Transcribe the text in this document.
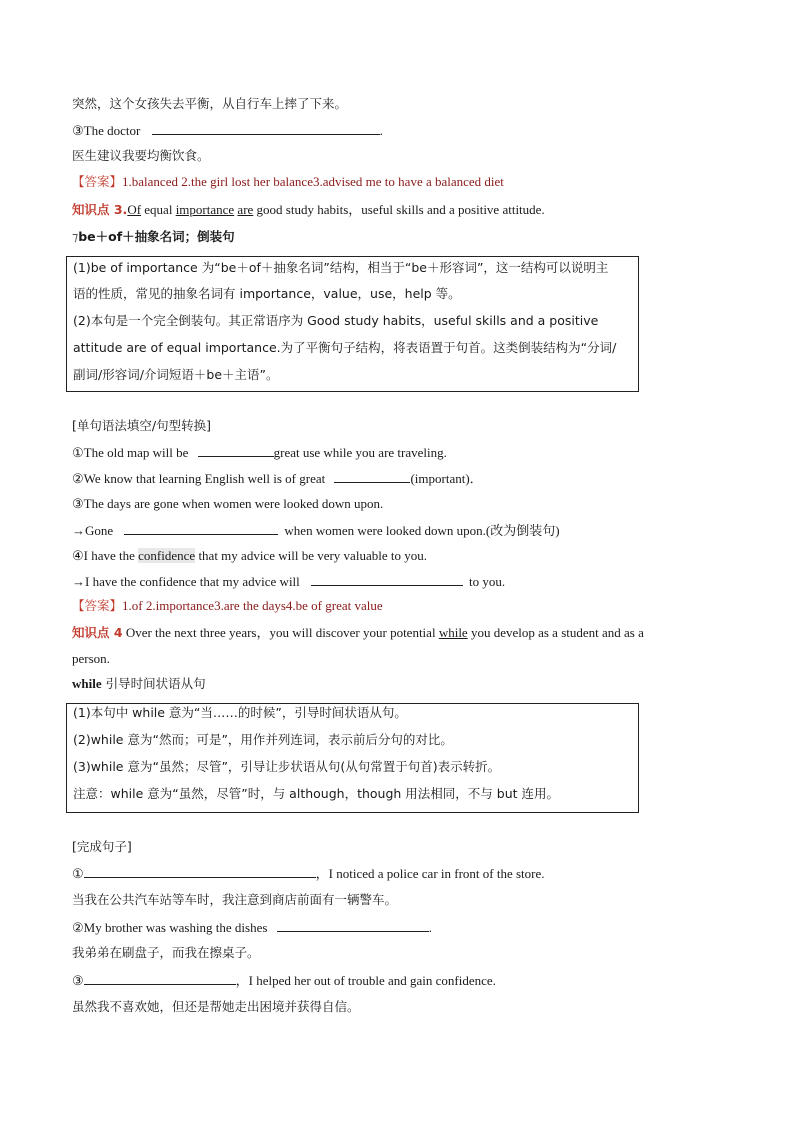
突然，这个女孩失去平衡，从自行车上摔了下来。
③The doctor	.
医生建议我要均衡饮食。
【答案】1.balanced 2.the girl lost her balance3.advised me to have a balanced diet
知识点 3.Of equal importance are good study habits，useful skills and a positive attitude.
⁊be＋of＋抽象名词；倒装句
(1)be of importance 为“be＋of＋抽象名词”结构，相当于“be＋形容词”，这一结构可以说明主
语的性质，常见的抽象名词有 importance，value，use，help 等。
(2)本句是一个完全倒装句。其正常语序为 Good study habits，useful skills and a positive
attitude are of equal importance.为了平衡句子结构，将表语置于句首。这类倒装结构为“分词/
副词/形容词/介词短语＋be＋主语”。
[单句语法填空/句型转换]
①The old map will be	great use while you are traveling.
②We know that learning English well is of great	(important)．
③The days are gone when women were looked down upon.
→Gone	when women were looked down upon.(改为倒装句)
④I have the confidence that my advice will be very valuable to you.
→I have the confidence that my advice will	to you.
【答案】1.of 2.importance3.are the days4.be of great value
知识点 4 Over the next three years，you will discover your potential while you develop as a student and as a
person.
while 引导时间状语从句
(1)本句中 while 意为“当……的时候”，引导时间状语从句。
(2)while 意为“然而；可是”，用作并列连词，表示前后分句的对比。
(3)while 意为“虽然；尽管”，引导让步状语从句(从句常置于句首)表示转折。
注意：while 意为“虽然，尽管”时，与 although，though 用法相同，不与 but 连用。
[完成句子]
①	，I noticed a police car in front of the store.
当我在公共汽车站等车时，我注意到商店前面有一辆警车。
②My brother was washing the dishes	.
我弟弟在刷盘子，而我在擦桌子。
③	，I helped her out of trouble and gain confidence.
虽然我不喜欢她，但还是帮她走出困境并获得自信。
